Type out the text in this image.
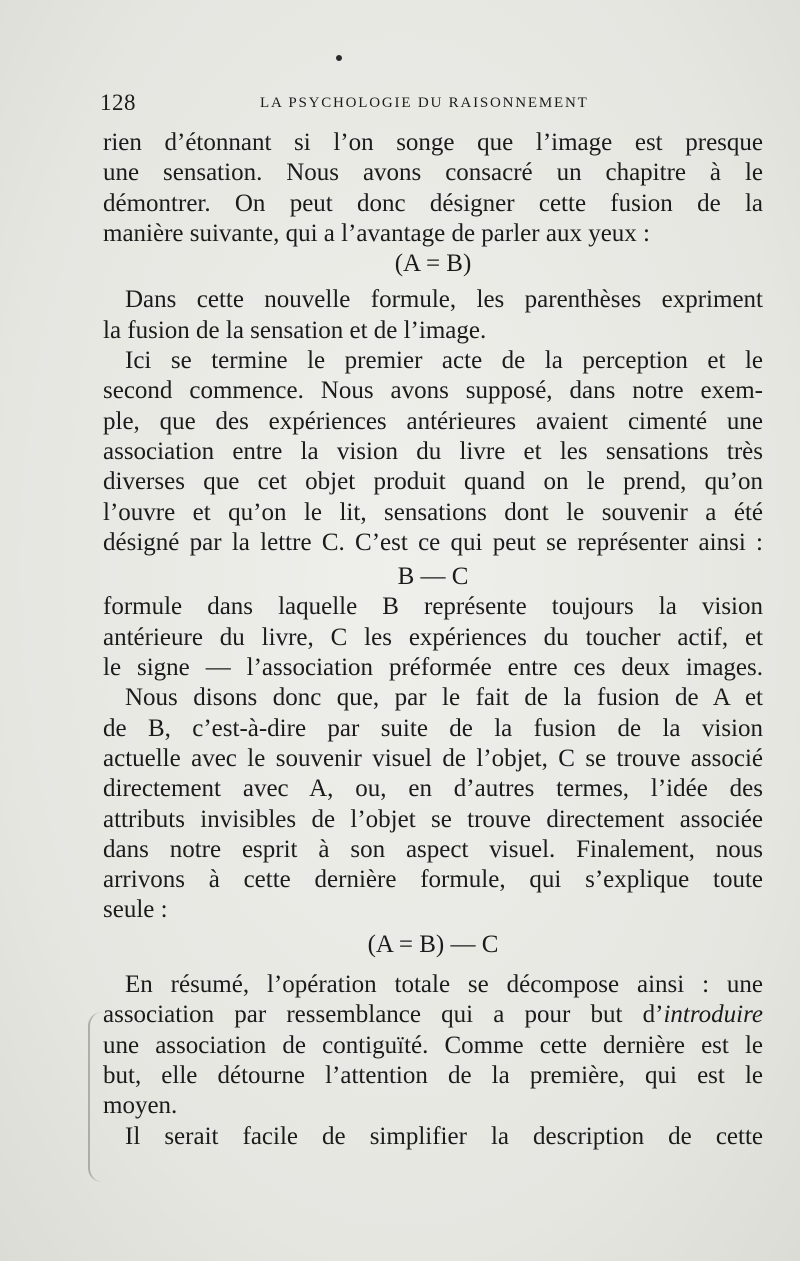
128	LA PSYCHOLOGIE DU RAISONNEMENT
rien d’étonnant si l’on songe que l’image est presque
une sensation. Nous avons consacré un chapitre à le
démontrer. On peut donc désigner cette fusion de la
manière suivante, qui a l’avantage de parler aux yeux :
(A = B)
Dans cette nouvelle formule, les parenthèses expriment
la fusion de la sensation et de l’image.
Ici se termine le premier acte de la perception et le
second commence. Nous avons supposé, dans notre exem-
ple, que des expériences antérieures avaient cimenté une
association entre la vision du livre et les sensations très
diverses que cet objet produit quand on le prend, qu’on
l’ouvre et qu’on le lit, sensations dont le souvenir a été
désigné par la lettre C. C’est ce qui peut se représenter ainsi :
B — C
formule dans laquelle B représente toujours la vision
antérieure du livre, C les expériences du toucher actif, et
le signe — l’association préformée entre ces deux images.
Nous disons donc que, par le fait de la fusion de A et
de B, c’est-à-dire par suite de la fusion de la vision
actuelle avec le souvenir visuel de l’objet, C se trouve associé
directement avec A, ou, en d’autres termes, l’idée des
attributs invisibles de l’objet se trouve directement associée
dans notre esprit à son aspect visuel. Finalement, nous
arrivons à cette dernière formule, qui s’explique toute
seule :
(A = B) — C
En résumé, l’opération totale se décompose ainsi : une
association par ressemblance qui a pour but d’introduire
une association de contiguïté. Comme cette dernière est le
but, elle détourne l’attention de la première, qui est le
moyen.
Il serait facile de simplifier la description de cette
